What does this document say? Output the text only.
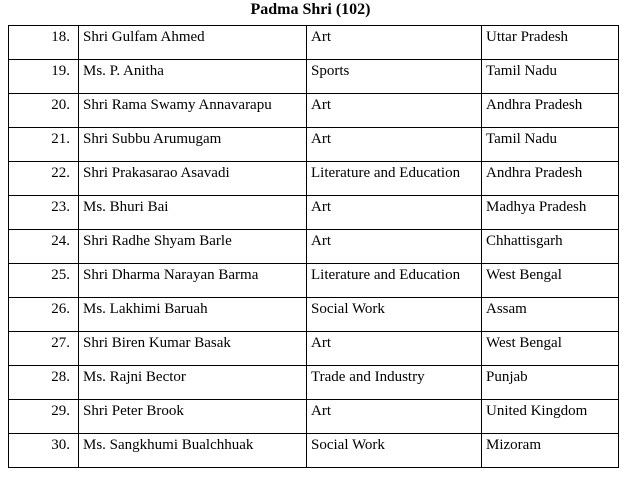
Padma Shri (102)
18.	Shri Gulfam Ahmed	Art	Uttar Pradesh
19.	Ms. P. Anitha	Sports	Tamil Nadu
20.	Shri Rama Swamy Annavarapu	Art	Andhra Pradesh
21.	Shri Subbu Arumugam	Art	Tamil Nadu
22.	Shri Prakasarao Asavadi	Literature and Education	Andhra Pradesh
23.	Ms. Bhuri Bai	Art	Madhya Pradesh
24.	Shri Radhe Shyam Barle	Art	Chhattisgarh
25.	Shri Dharma Narayan Barma	Literature and Education	West Bengal
26.	Ms. Lakhimi Baruah	Social Work	Assam
27.	Shri Biren Kumar Basak	Art	West Bengal
28.	Ms. Rajni Bector	Trade and Industry	Punjab
29.	Shri Peter Brook	Art	United Kingdom
30.	Ms. Sangkhumi Bualchhuak	Social Work	Mizoram
